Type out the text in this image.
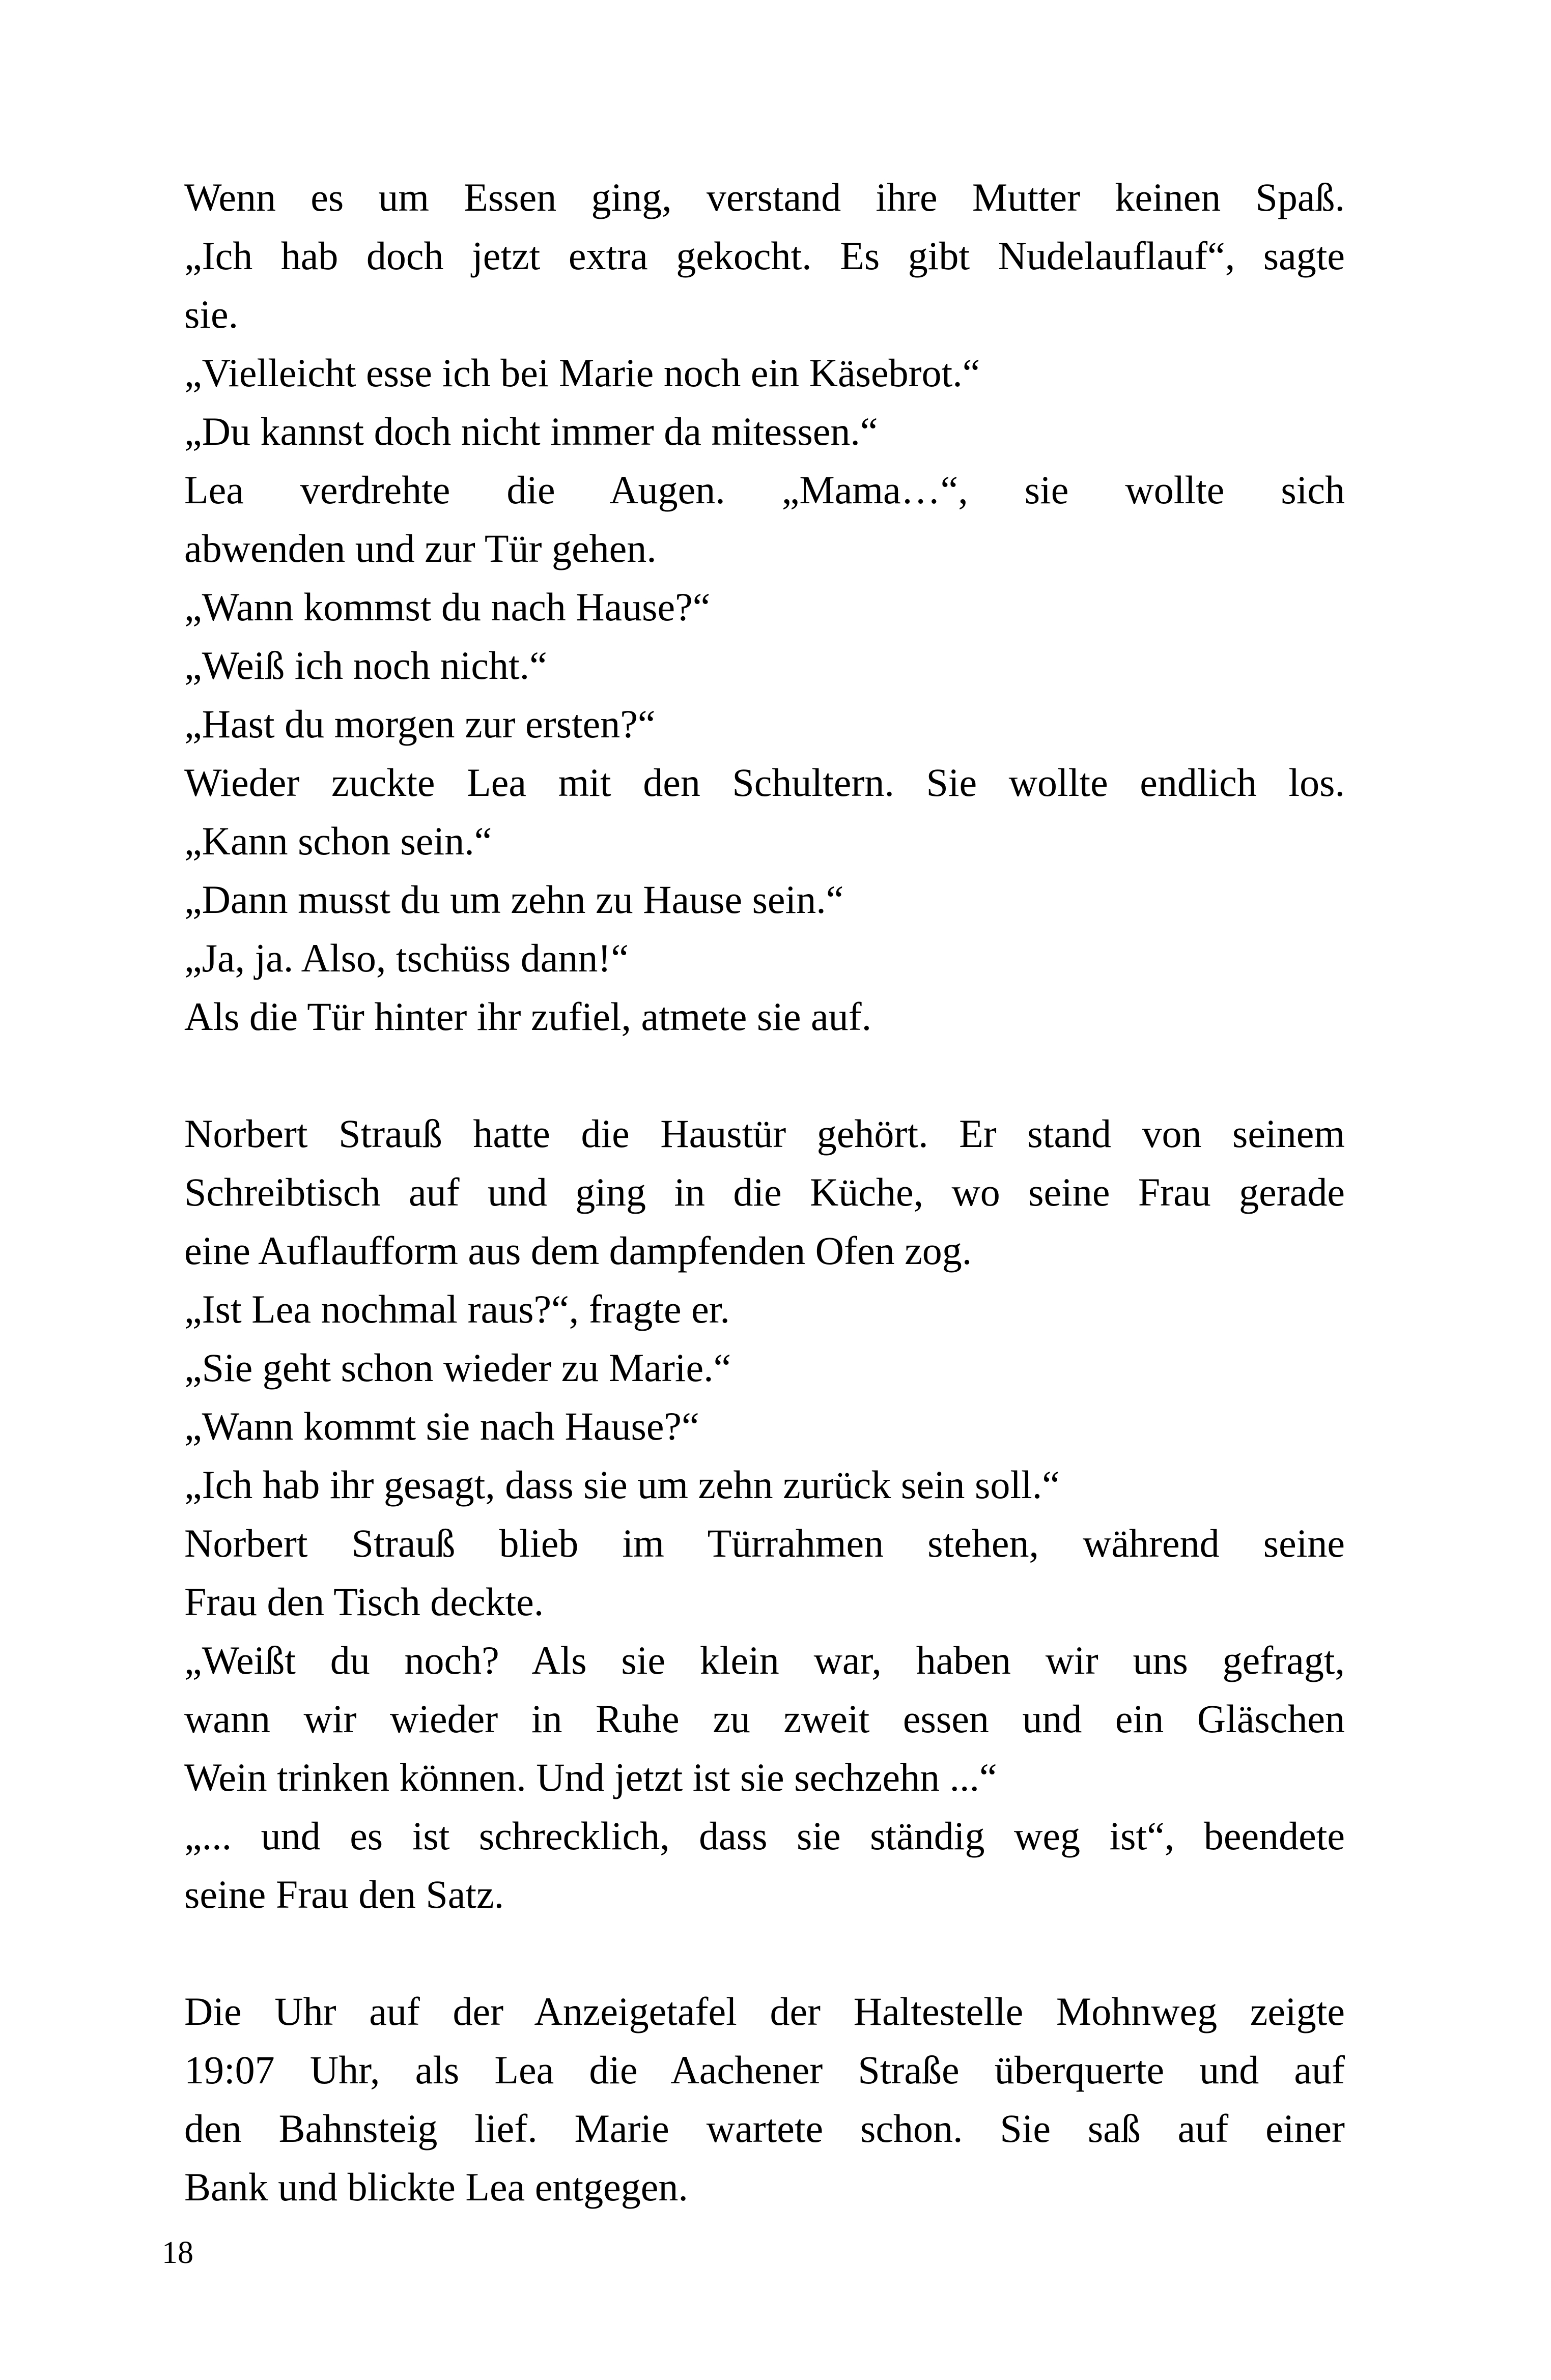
Wenn es um Essen ging, verstand ihre Mutter keinen Spaß.
„Ich hab doch jetzt extra gekocht. Es gibt Nudelauflauf“, sagte
sie.
„Vielleicht esse ich bei Marie noch ein Käsebrot.“
„Du kannst doch nicht immer da mitessen.“
Lea verdrehte die Augen. „Mama…“, sie wollte sich
abwenden und zur Tür gehen.
„Wann kommst du nach Hause?“
„Weiß ich noch nicht.“
„Hast du morgen zur ersten?“
Wieder zuckte Lea mit den Schultern. Sie wollte endlich los.
„Kann schon sein.“
„Dann musst du um zehn zu Hause sein.“
„Ja, ja. Also, tschüss dann!“
Als die Tür hinter ihr zufiel, atmete sie auf.
Norbert Strauß hatte die Haustür gehört. Er stand von seinem
Schreibtisch auf und ging in die Küche, wo seine Frau gerade
eine Auflaufform aus dem dampfenden Ofen zog.
„Ist Lea nochmal raus?“, fragte er.
„Sie geht schon wieder zu Marie.“
„Wann kommt sie nach Hause?“
„Ich hab ihr gesagt, dass sie um zehn zurück sein soll.“
Norbert Strauß blieb im Türrahmen stehen, während seine
Frau den Tisch deckte.
„Weißt du noch? Als sie klein war, haben wir uns gefragt,
wann wir wieder in Ruhe zu zweit essen und ein Gläschen
Wein trinken können. Und jetzt ist sie sechzehn ...“
„... und es ist schrecklich, dass sie ständig weg ist“, beendete
seine Frau den Satz.
Die Uhr auf der Anzeigetafel der Haltestelle Mohnweg zeigte
19:07 Uhr, als Lea die Aachener Straße überquerte und auf
den Bahnsteig lief. Marie wartete schon. Sie saß auf einer
Bank und blickte Lea entgegen.
18
